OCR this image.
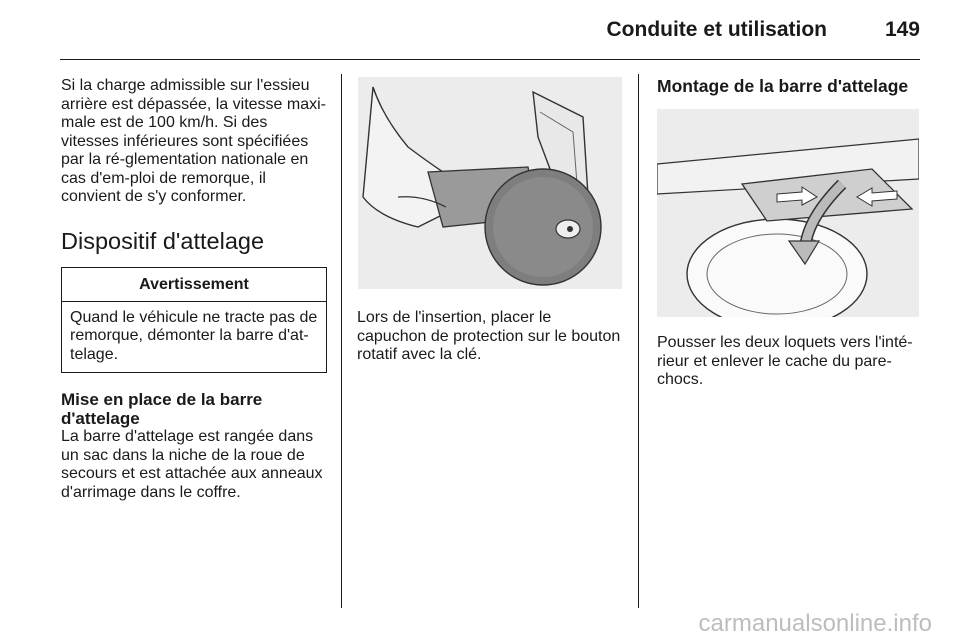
Conduite et utilisation	149

Si la charge admissible sur l'essieu arrière est dépassée, la vitesse maxi-male est de 100 km/h. Si des vitesses inférieures sont spécifiées par la ré-glementation nationale en cas d'em-ploi de remorque, il convient de s'y conformer.

Dispositif d'attelage
Avertissement

Quand le véhicule ne tracte pas de remorque, démonter la barre d'at-telage.

Mise en place de la barre d'attelage

La barre d'attelage est rangée dans un sac dans la niche de la roue de secours et est attachée aux anneaux d'arrimage dans le coffre.

Lors de l'insertion, placer le capuchon de protection sur le bouton rotatif avec la clé.

Montage de la barre d'attelage

Pousser les deux loquets vers l'inté-rieur et enlever le cache du pare-chocs.

carmanualsonline.info
